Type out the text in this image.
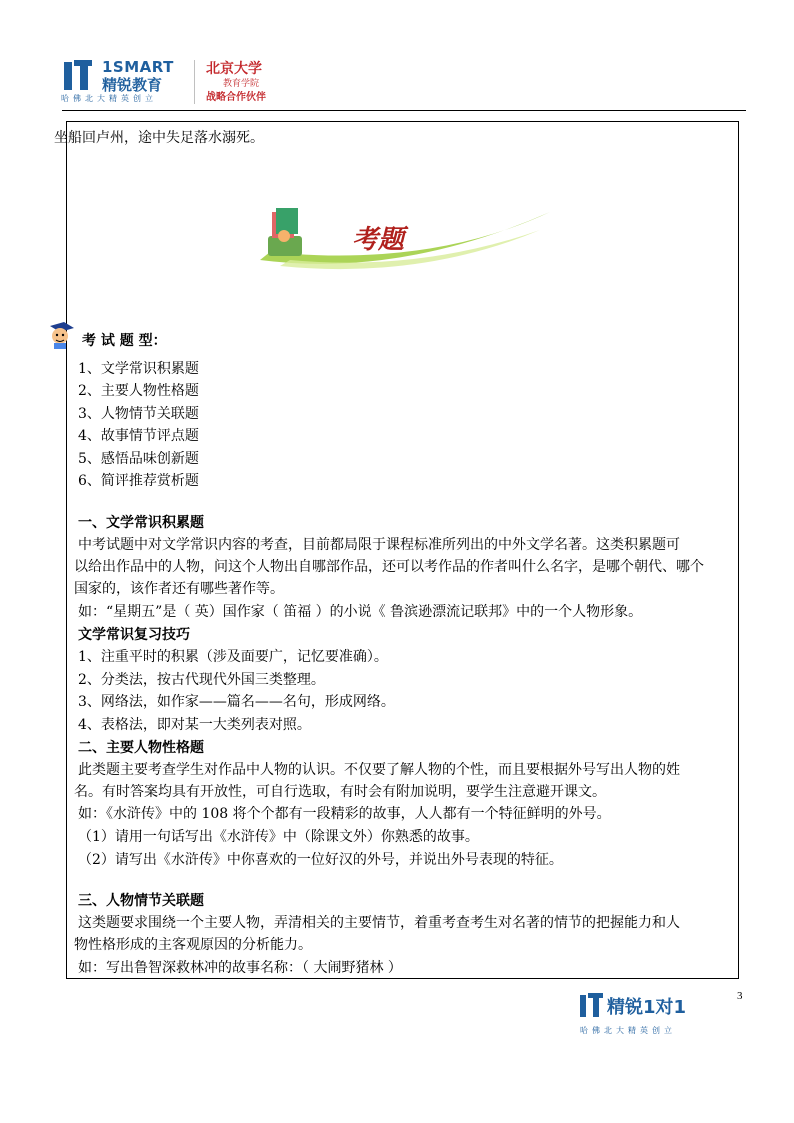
1SMART
精锐教育
哈佛北大精英创立
北京大学
教育学院
战略合作伙伴
坐船回卢州，途中失足落水溺死。
考题
考 试 题 型：
1、文学常识积累题
2、主要人物性格题
3、人物情节关联题
4、故事情节评点题
5、感悟品味创新题
6、简评推荐赏析题
一、文学常识积累题
中考试题中对文学常识内容的考查，目前都局限于课程标准所列出的中外文学名著。这类积累题可
以给出作品中的人物，问这个人物出自哪部作品，还可以考作品的作者叫什么名字，是哪个朝代、哪个
国家的，该作者还有哪些著作等。
如：“星期五”是（ 英）国作家（ 笛福 ）的小说《 鲁滨逊漂流记联邦》中的一个人物形象。
文学常识复习技巧
1、注重平时的积累（涉及面要广，记忆要准确）。
2、分类法，按古代现代外国三类整理。
3、网络法，如作家——篇名——名句，形成网络。
4、表格法，即对某一大类列表对照。
二、主要人物性格题
此类题主要考查学生对作品中人物的认识。不仅要了解人物的个性，而且要根据外号写出人物的姓
名。有时答案均具有开放性，可自行选取，有时会有附加说明，要学生注意避开课文。
如：《水浒传》中的 108 将个个都有一段精彩的故事，人人都有一个特征鲜明的外号。
（1）请用一句话写出《水浒传》中（除课文外）你熟悉的故事。
（2）请写出《水浒传》中你喜欢的一位好汉的外号，并说出外号表现的特征。
三、人物情节关联题
这类题要求围绕一个主要人物，弄清相关的主要情节，着重考查考生对名著的情节的把握能力和人
物性格形成的主客观原因的分析能力。
如：写出鲁智深救林冲的故事名称：（ 大闹野猪林 ）
3
精锐1对1
哈佛北大精英创立
